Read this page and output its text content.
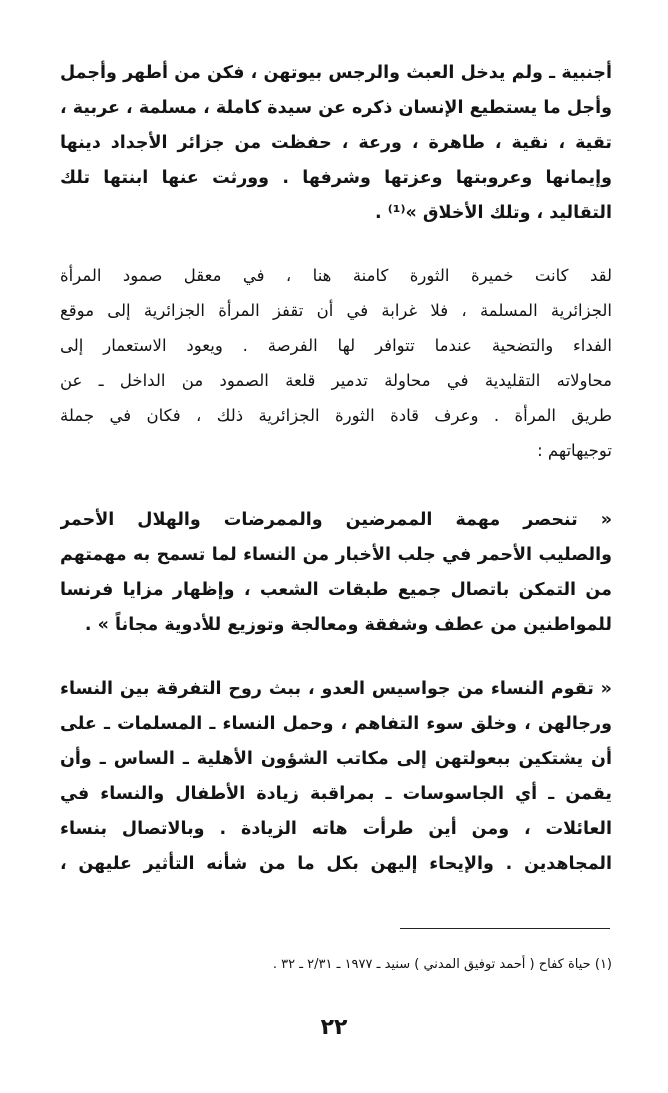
أجنبية ـ ولم يدخل العبث والرجس بيوتهن ، فكن من أطهر وأجمل
وأجل ما يستطيع الإنسان ذكره عن سيدة كاملة ، مسلمة ، عربية ،
تقية ، نقية ، طاهرة ، ورعة ، حفظت من جزائر الأجداد دينها
وإيمانها وعروبتها وعزتها وشرفها . وورثت عنها ابنتها تلك
التقاليد ، وتلك الأخلاق »⁽¹⁾ .
لقد كانت خميرة الثورة كامنة هنا ، في معقل صمود المرأة
الجزائرية المسلمة ، فلا غرابة في أن تقفز المرأة الجزائرية إلى موقع
الفداء والتضحية عندما تتوافر لها الفرصة . ويعود الاستعمار إلى
محاولاته التقليدية في محاولة تدمير قلعة الصمود من الداخل ـ عن
طريق المرأة . وعرف قادة الثورة الجزائرية ذلك ، فكان في جملة
توجيهاتهم :
« تنحصر مهمة الممرضين والممرضات والهلال الأحمر
والصليب الأحمر في جلب الأخبار من النساء لما تسمح به مهمتهم
من التمكن باتصال جميع طبقات الشعب ، وإظهار مزايا فرنسا
للمواطنين من عطف وشفقة ومعالجة وتوزيع للأدوية مجاناً » .
« تقوم النساء من جواسيس العدو ، ببث روح التفرقة بين النساء
ورجالهن ، وخلق سوء التفاهم ، وحمل النساء ـ المسلمات ـ على
أن يشتكين ببعولتهن إلى مكاتب الشؤون الأهلية ـ الساس ـ وأن
يقمن ـ أي الجاسوسات ـ بمراقبة زيادة الأطفال والنساء في
العائلات ، ومن أين طرأت هاته الزيادة . وبالاتصال بنساء
المجاهدين . والإيحاء إليهن بكل ما من شأنه التأثير عليهن ،
(١) حياة كفاح ( أحمد توفيق المدني ) سنيد ـ ١٩٧٧ ـ ٢/٣١ ـ ٣٢ .
٢٢
